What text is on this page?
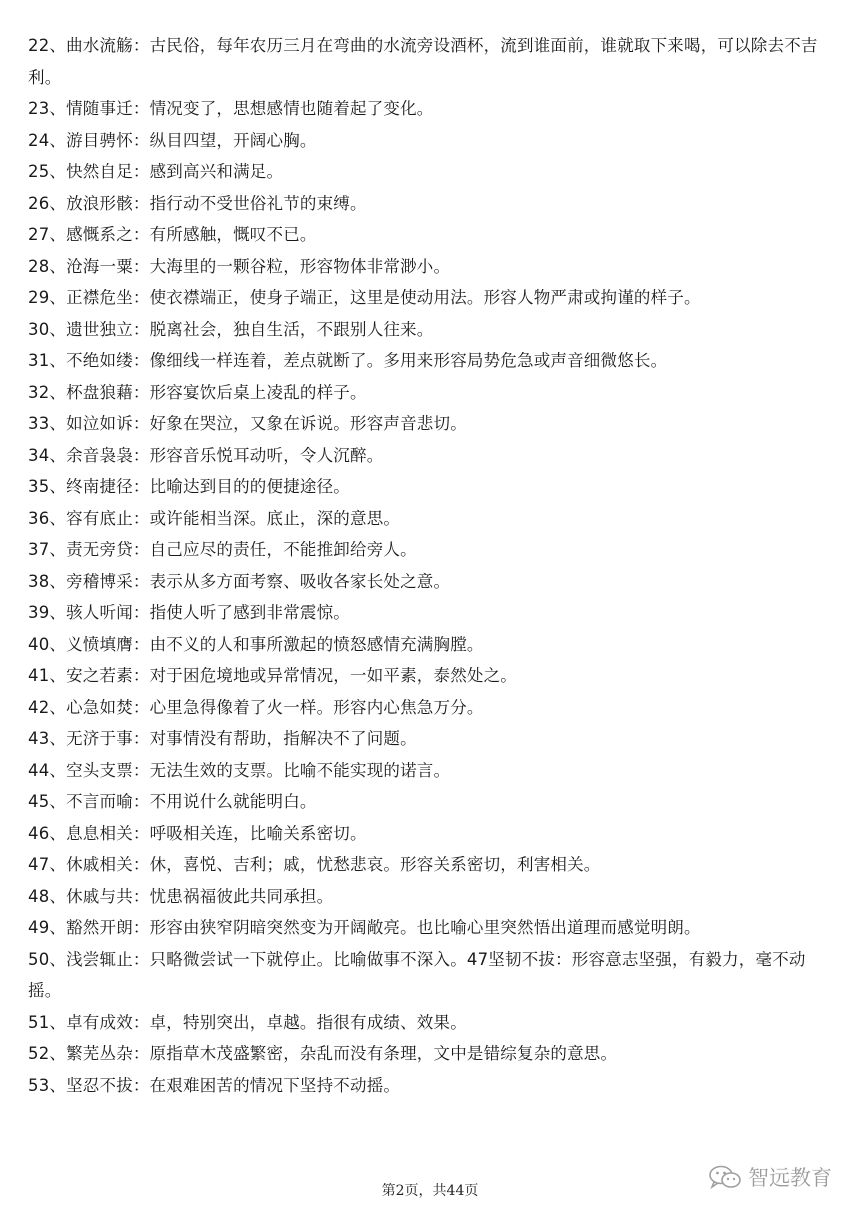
22、曲水流觞：古民俗，每年农历三月在弯曲的水流旁设酒杯，流到谁面前，谁就取下来喝，可以除去不吉利。
23、情随事迁：情况变了，思想感情也随着起了变化。
24、游目骋怀：纵目四望，开阔心胸。
25、快然自足：感到高兴和满足。
26、放浪形骸：指行动不受世俗礼节的束缚。
27、感慨系之：有所感触，慨叹不已。
28、沧海一粟：大海里的一颗谷粒，形容物体非常渺小。
29、正襟危坐：使衣襟端正，使身子端正，这里是使动用法。形容人物严肃或拘谨的样子。
30、遗世独立：脱离社会，独自生活，不跟别人往来。
31、不绝如缕：像细线一样连着，差点就断了。多用来形容局势危急或声音细微悠长。
32、杯盘狼藉：形容宴饮后桌上凌乱的样子。
33、如泣如诉：好象在哭泣，又象在诉说。形容声音悲切。
34、余音袅袅：形容音乐悦耳动听，令人沉醉。
35、终南捷径：比喻达到目的的便捷途径。
36、容有底止：或许能相当深。底止，深的意思。
37、责无旁贷：自己应尽的责任，不能推卸给旁人。
38、旁稽博采：表示从多方面考察、吸收各家长处之意。
39、骇人听闻：指使人听了感到非常震惊。
40、义愤填膺：由不义的人和事所激起的愤怒感情充满胸膛。
41、安之若素：对于困危境地或异常情况，一如平素，泰然处之。
42、心急如焚：心里急得像着了火一样。形容内心焦急万分。
43、无济于事：对事情没有帮助，指解决不了问题。
44、空头支票：无法生效的支票。比喻不能实现的诺言。
45、不言而喻：不用说什么就能明白。
46、息息相关：呼吸相关连，比喻关系密切。
47、休戚相关：休，喜悦、吉利；戚，忧愁悲哀。形容关系密切，利害相关。
48、休戚与共：忧患祸福彼此共同承担。
49、豁然开朗：形容由狭窄阴暗突然变为开阔敞亮。也比喻心里突然悟出道理而感觉明朗。
50、浅尝辄止：只略微尝试一下就停止。比喻做事不深入。47坚韧不拔：形容意志坚强，有毅力，毫不动摇。
51、卓有成效：卓，特别突出，卓越。指很有成绩、效果。
52、繁芜丛杂：原指草木茂盛繁密，杂乱而没有条理，文中是错综复杂的意思。
53、坚忍不拔：在艰难困苦的情况下坚持不动摇。
第2页，共44页
智远教育
